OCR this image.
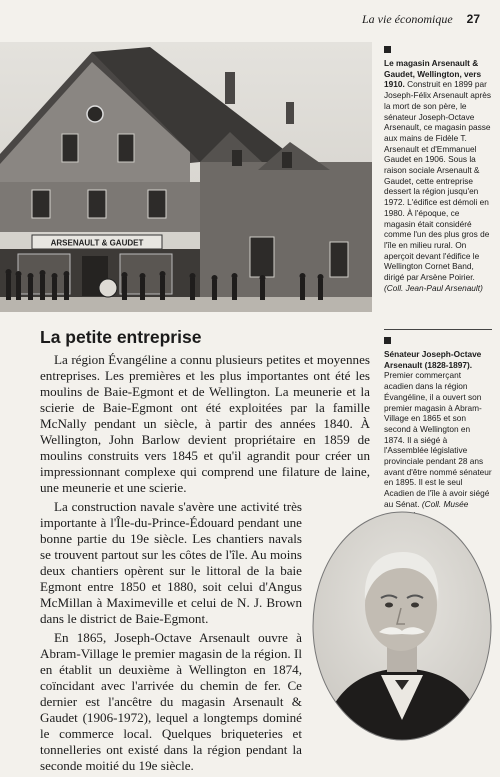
La vie économique 27
ARSENAULT & GAUDET
Le magasin Arsenault & Gaudet, Wellington, vers 1910. Construit en 1899 par Joseph-Félix Arsenault après la mort de son père, le sénateur Joseph-Octave Arsenault, ce magasin passe aux mains de Fidèle T. Arsenault et d'Emmanuel Gaudet en 1906. Sous la raison sociale Arsenault & Gaudet, cette entreprise dessert la région jusqu'en 1972. L'édifice est démoli en 1980. À l'époque, ce magasin était considéré comme l'un des plus gros de l'île en milieu rural. On aperçoit devant l'édifice le Wellington Cornet Band, dirigé par Arsène Poirier. (Coll. Jean-Paul Arsenault)
Sénateur Joseph-Octave Arsenault (1828-1897). Premier commerçant acadien dans la région Évangéline, il a ouvert son premier magasin à Abram-Village en 1865 et son second à Wellington en 1874. Il a siégé à l'Assemblée législative provinciale pendant 28 ans avant d'être nommé sénateur en 1895. Il est le seul Acadien de l'île à avoir siégé au Sénat. (Coll. Musée
La petite entreprise

La région Évangéline a connu plusieurs petites et moyennes entreprises. Les premières et les plus importantes ont été les moulins de Baie-Egmont et de Wellington. La meunerie et la scierie de Baie-Egmont ont été exploitées par la famille McNally pendant un siècle, à partir des années 1840. À Wellington, John Barlow devient propriétaire en 1859 de moulins construits vers 1845 et qu'il agrandit pour créer un impressionnant complexe qui comprend une filature de laine, une meunerie et une scierie.

La construction navale s'avère une activité très importante à l'Île-du-Prince-Édouard pendant une bonne partie du 19e siècle. Les chantiers navals se trouvent partout sur les côtes de l'île. Au moins deux chantiers opèrent sur le littoral de la baie Egmont entre 1850 et 1880, soit celui d'Angus McMillan à Maximeville et celui de N. J. Brown dans le district de Baie-Egmont.

En 1865, Joseph-Octave Arsenault ouvre à Abram-Village le premier magasin de la région. Il en établit un deuxième à Wellington en 1874, coïncidant avec l'arrivée du chemin de fer. Ce dernier est l'ancêtre du magasin Arsenault & Gaudet (1906-1972), lequel a longtemps dominé le commerce local. Quelques briqueteries et tonnelleries ont existé dans la région pendant la seconde moitié du 19e siècle.
